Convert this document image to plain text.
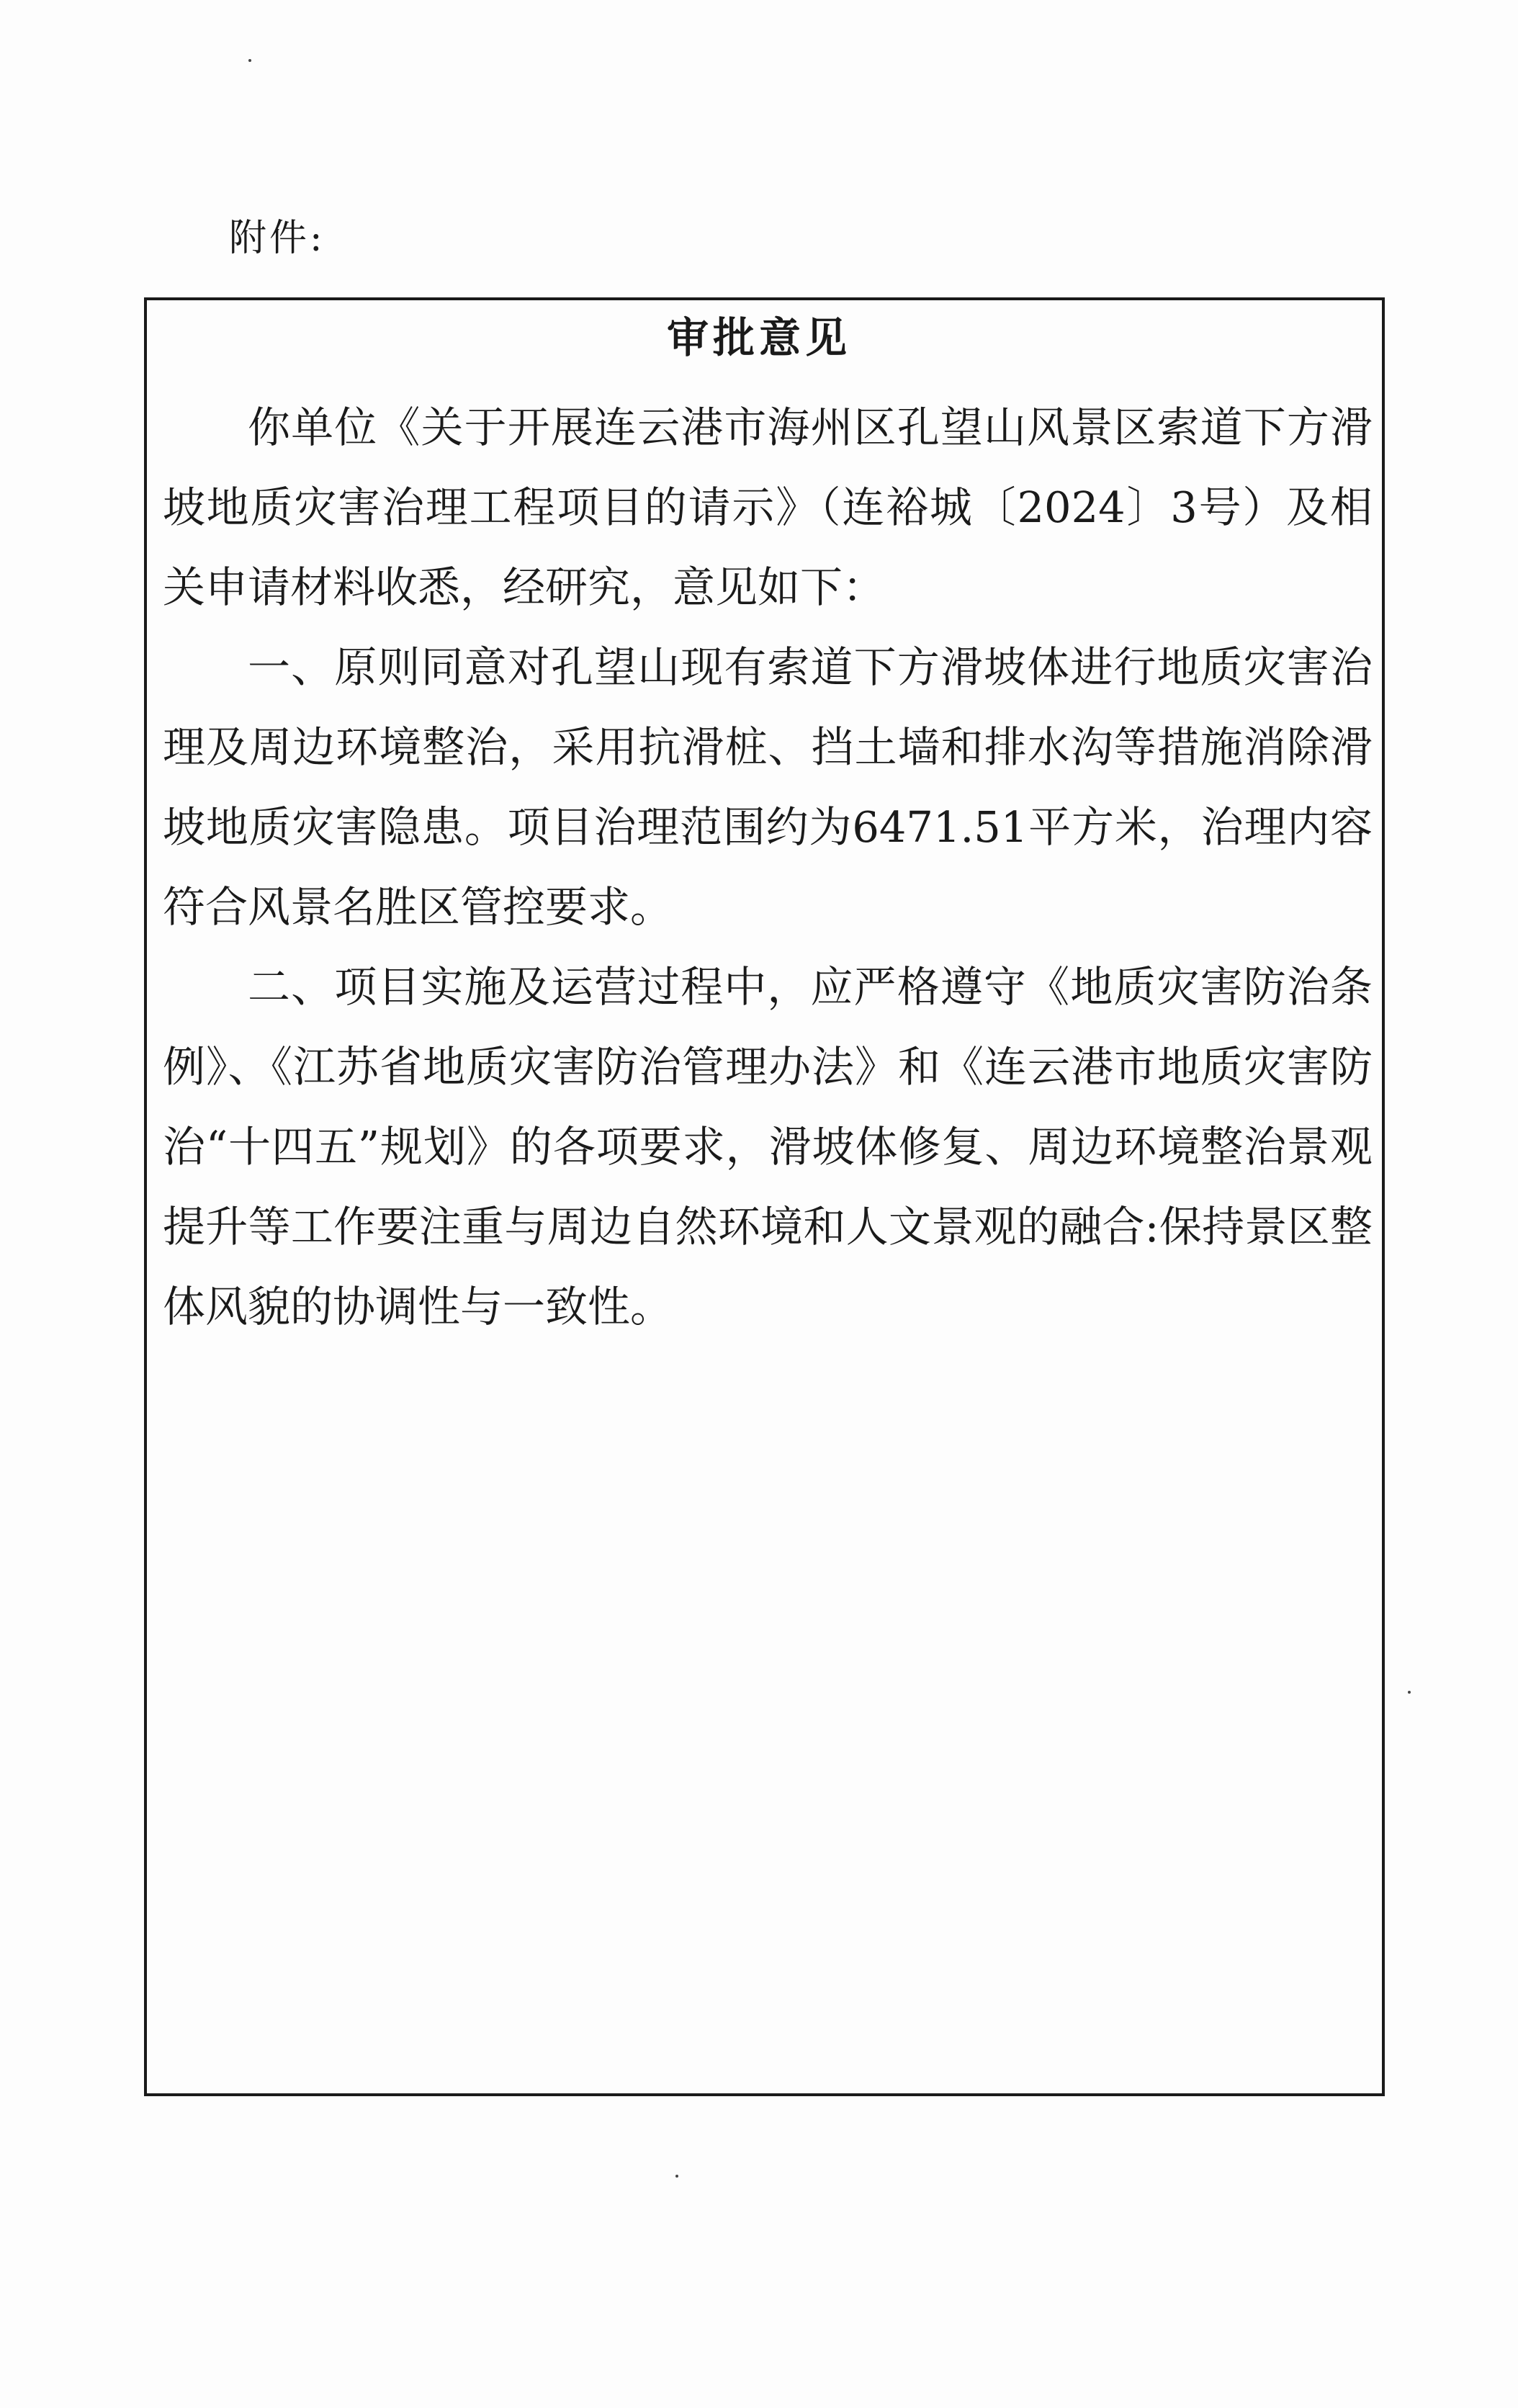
附件:
审批意见

你单位《关于开展连云港市海州区孔望山风景区索道下方滑坡地质灾害治理工程项目的请示》（连裕城〔2024〕3号）及相关申请材料收悉，经研究，意见如下：

一、原则同意对孔望山现有索道下方滑坡体进行地质灾害治理及周边环境整治，采用抗滑桩、挡土墙和排水沟等措施消除滑坡地质灾害隐患。项目治理范围约为6471.51平方米，治理内容符合风景名胜区管控要求。

二、项目实施及运营过程中，应严格遵守《地质灾害防治条例》、《江苏省地质灾害防治管理办法》和《连云港市地质灾害防治“十四五”规划》的各项要求，滑坡体修复、周边环境整治景观提升等工作要注重与周边自然环境和人文景观的融合:保持景区整体风貌的协调性与一致性。
